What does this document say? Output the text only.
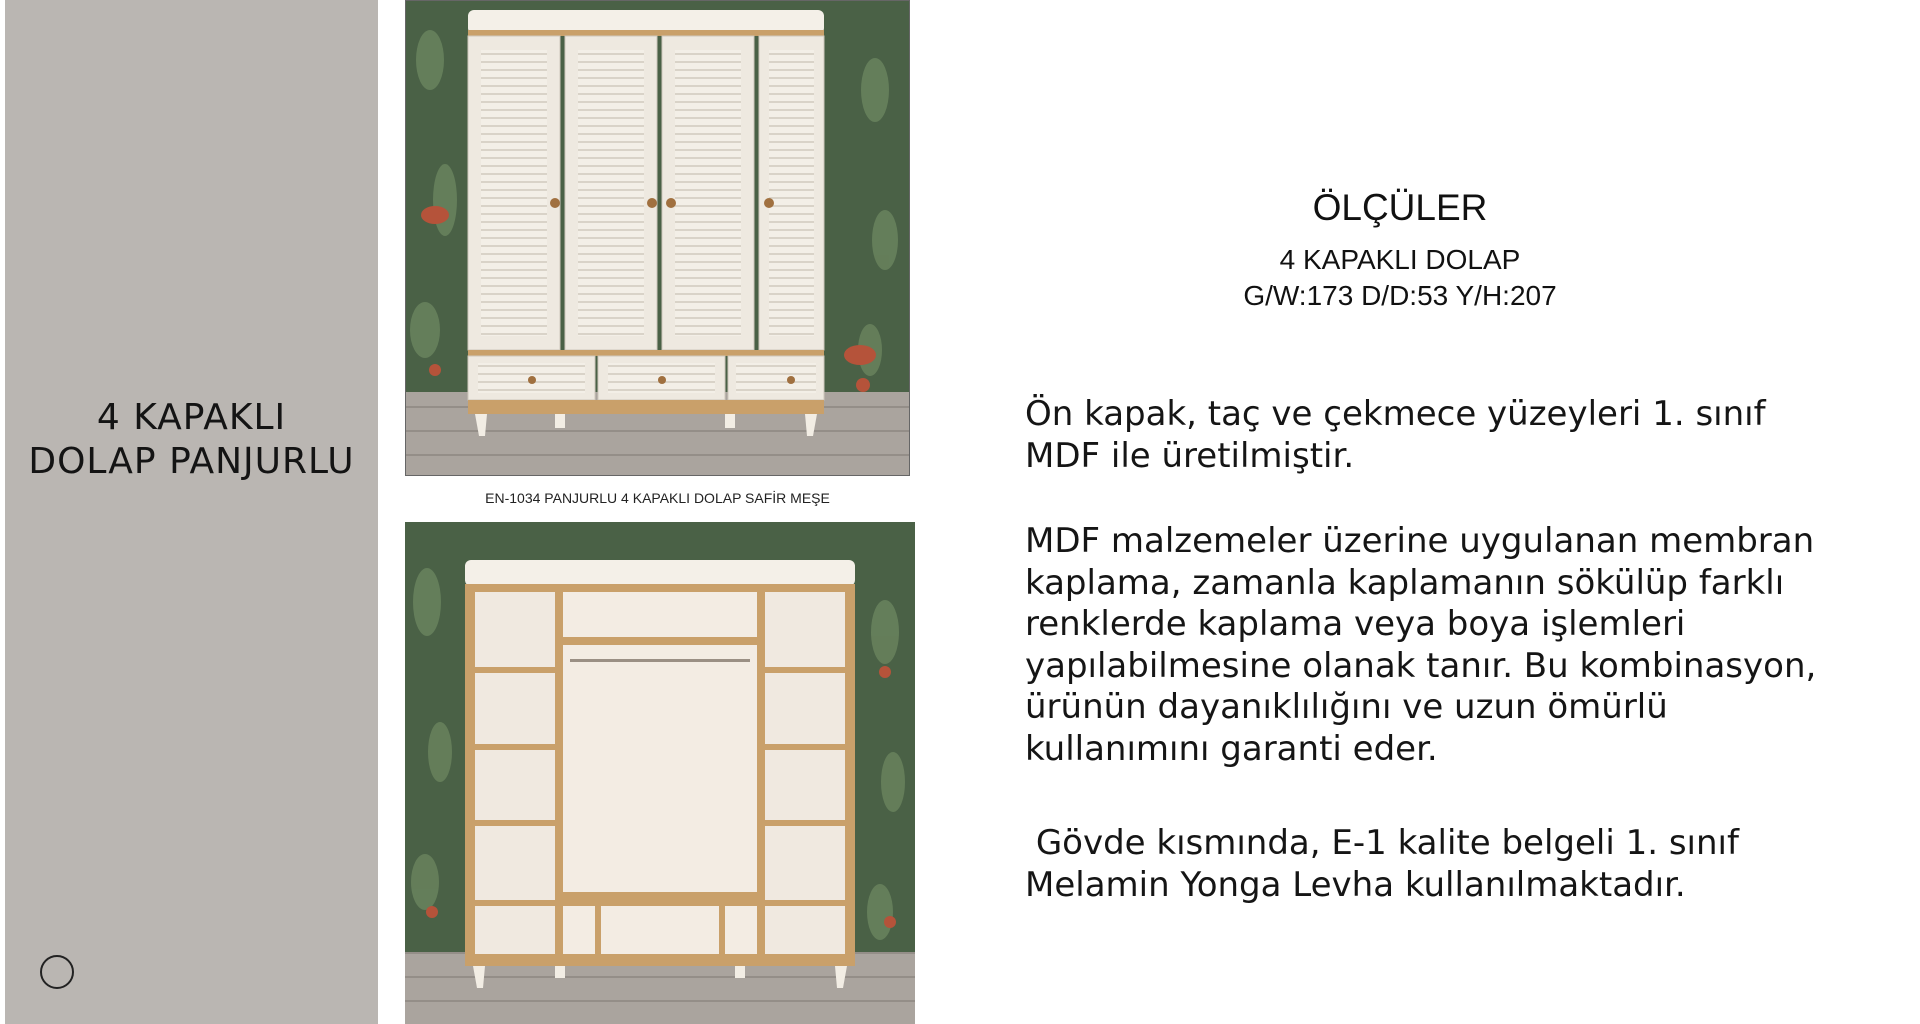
4 KAPAKLI
DOLAP PANJURLU
EN-1034 PANJURLU 4 KAPAKLI DOLAP SAFİR MEŞE
ÖLÇÜLER
4 KAPAKLI DOLAP
G/W:173 D/D:53 Y/H:207
Ön kapak, taç ve çekmece yüzeyleri 1. sınıf MDF ile üretilmiştir.
MDF malzemeler üzerine uygulanan membran kaplama, zamanla kaplamanın sökülüp farklı renklerde kaplama veya boya işlemleri yapılabilmesine olanak tanır. Bu kombinasyon, ürünün dayanıklılığını ve uzun ömürlü kullanımını garanti eder.
Gövde kısmında, E-1 kalite belgeli 1. sınıf Melamin Yonga Levha kullanılmaktadır.
